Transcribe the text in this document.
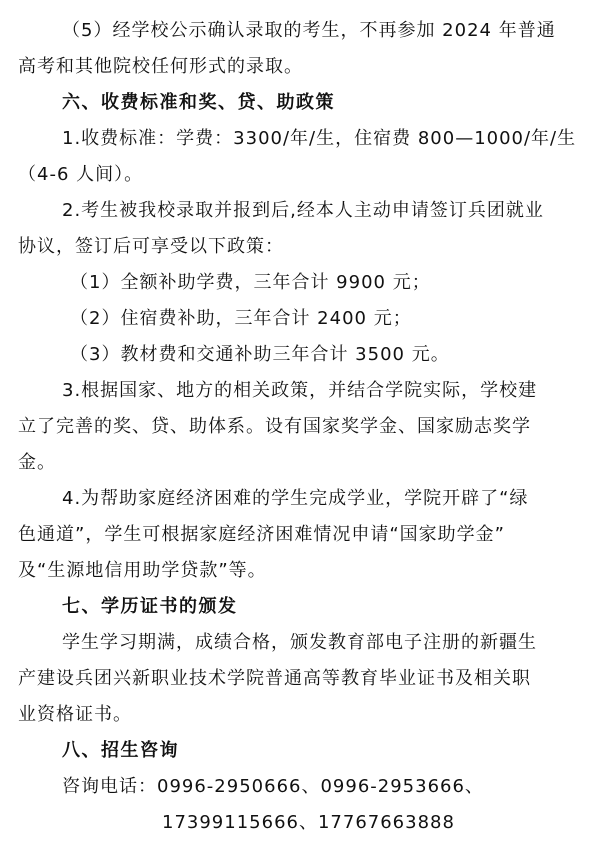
（5）经学校公示确认录取的考生，不再参加 2024 年普通
高考和其他院校任何形式的录取。
六、收费标准和奖、贷、助政策
1.收费标准：学费：3300/年/生，住宿费 800—1000/年/生
（4-6 人间）。
2.考生被我校录取并报到后,经本人主动申请签订兵团就业
协议，签订后可享受以下政策：
（1）全额补助学费，三年合计 9900 元；
（2）住宿费补助，三年合计 2400 元；
（3）教材费和交通补助三年合计 3500 元。
3.根据国家、地方的相关政策，并结合学院实际，学校建
立了完善的奖、贷、助体系。设有国家奖学金、国家励志奖学
金。
4.为帮助家庭经济困难的学生完成学业，学院开辟了“绿
色通道”，学生可根据家庭经济困难情况申请“国家助学金”
及“生源地信用助学贷款”等。
七、学历证书的颁发
学生学习期满，成绩合格，颁发教育部电子注册的新疆生
产建设兵团兴新职业技术学院普通高等教育毕业证书及相关职
业资格证书。
八、招生咨询
咨询电话：0996-2950666、0996-2953666、
17399115666、17767663888
